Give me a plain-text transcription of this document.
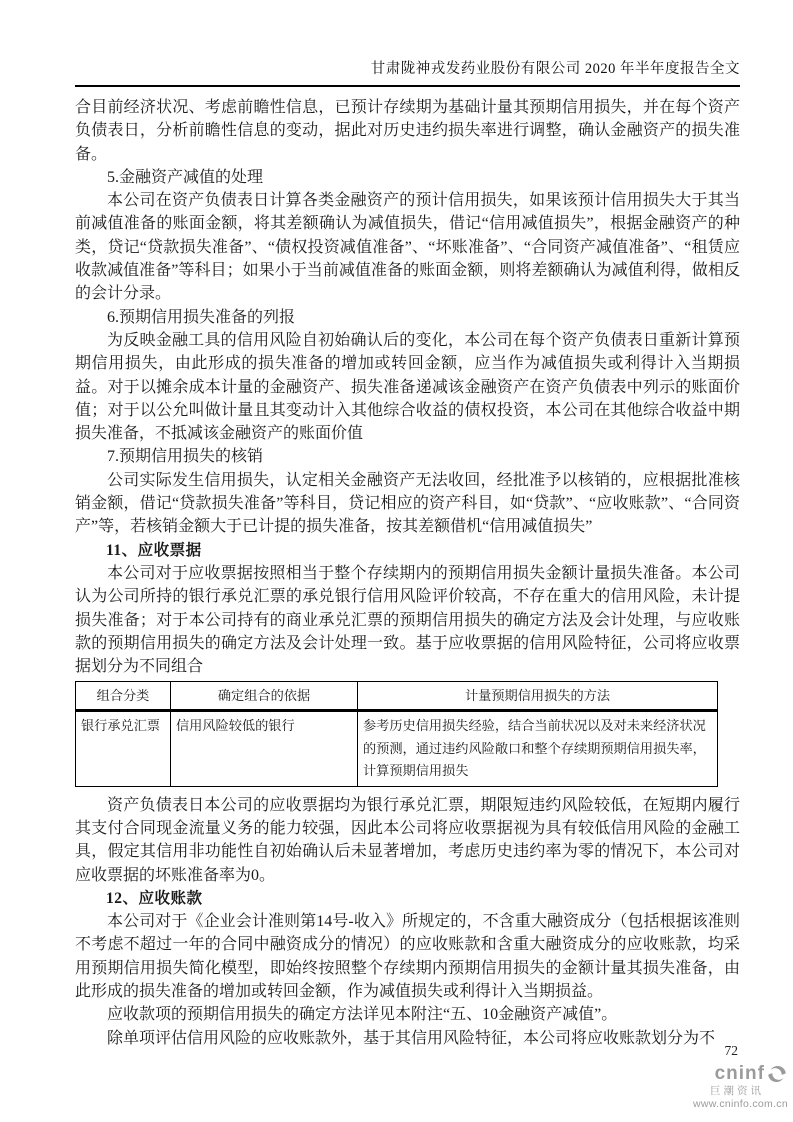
甘肃陇神戎发药业股份有限公司 2020 年半年度报告全文

合目前经济状况、考虑前瞻性信息，已预计存续期为基础计量其预期信用损失，并在每个资产负债表日，分析前瞻性信息的变动，据此对历史违约损失率进行调整，确认金融资产的损失准备。

5.金融资产减值的处理

本公司在资产负债表日计算各类金融资产的预计信用损失，如果该预计信用损失大于其当前减值准备的账面金额，将其差额确认为减值损失，借记“信用减值损失”，根据金融资产的种类，贷记“贷款损失准备”、“债权投资减值准备”、“坏账准备”、“合同资产减值准备”、“租赁应收款减值准备”等科目；如果小于当前减值准备的账面金额，则将差额确认为减值利得，做相反的会计分录。

6.预期信用损失准备的列报

为反映金融工具的信用风险自初始确认后的变化，本公司在每个资产负债表日重新计算预期信用损失，由此形成的损失准备的增加或转回金额，应当作为减值损失或利得计入当期损益。对于以摊余成本计量的金融资产、损失准备递减该金融资产在资产负债表中列示的账面价值；对于以公允叫做计量且其变动计入其他综合收益的债权投资，本公司在其他综合收益中期损失准备，不抵减该金融资产的账面价值

7.预期信用损失的核销

公司实际发生信用损失，认定相关金融资产无法收回，经批准予以核销的，应根据批准核销金额，借记“贷款损失准备”等科目，贷记相应的资产科目，如“贷款”、“应收账款”、“合同资产”等，若核销金额大于已计提的损失准备，按其差额借机“信用减值损失”

11、应收票据

本公司对于应收票据按照相当于整个存续期内的预期信用损失金额计量损失准备。本公司认为公司所持的银行承兑汇票的承兑银行信用风险评价较高，不存在重大的信用风险，未计提损失准备；对于本公司持有的商业承兑汇票的预期信用损失的确定方法及会计处理，与应收账款的预期信用损失的确定方法及会计处理一致。基于应收票据的信用风险特征，公司将应收票据划分为不同组合

组合分类	确定组合的依据	计量预期信用损失的方法
银行承兑汇票	信用风险较低的银行	参考历史信用损失经验，结合当前状况以及对未来经济状况的预测，通过违约风险敞口和整个存续期预期信用损失率，计算预期信用损失

资产负债表日本公司的应收票据均为银行承兑汇票，期限短违约风险较低，在短期内履行其支付合同现金流量义务的能力较强，因此本公司将应收票据视为具有较低信用风险的金融工具，假定其信用非功能性自初始确认后未显著增加，考虑历史违约率为零的情况下，本公司对应收票据的坏账准备率为0。

12、应收账款

本公司对于《企业会计准则第14号-收入》所规定的，不含重大融资成分（包括根据该准则不考虑不超过一年的合同中融资成分的情况）的应收账款和含重大融资成分的应收账款，均采用预期信用损失简化模型，即始终按照整个存续期内预期信用损失的金额计量其损失准备，由此形成的损失准备的增加或转回金额，作为减值损失或利得计入当期损益。

应收款项的预期信用损失的确定方法详见本附注“五、10金融资产减值”。

除单项评估信用风险的应收账款外，基于其信用风险特征，本公司将应收账款划分为不

72
cninf
巨潮资讯
www.cninfo.com.cn
